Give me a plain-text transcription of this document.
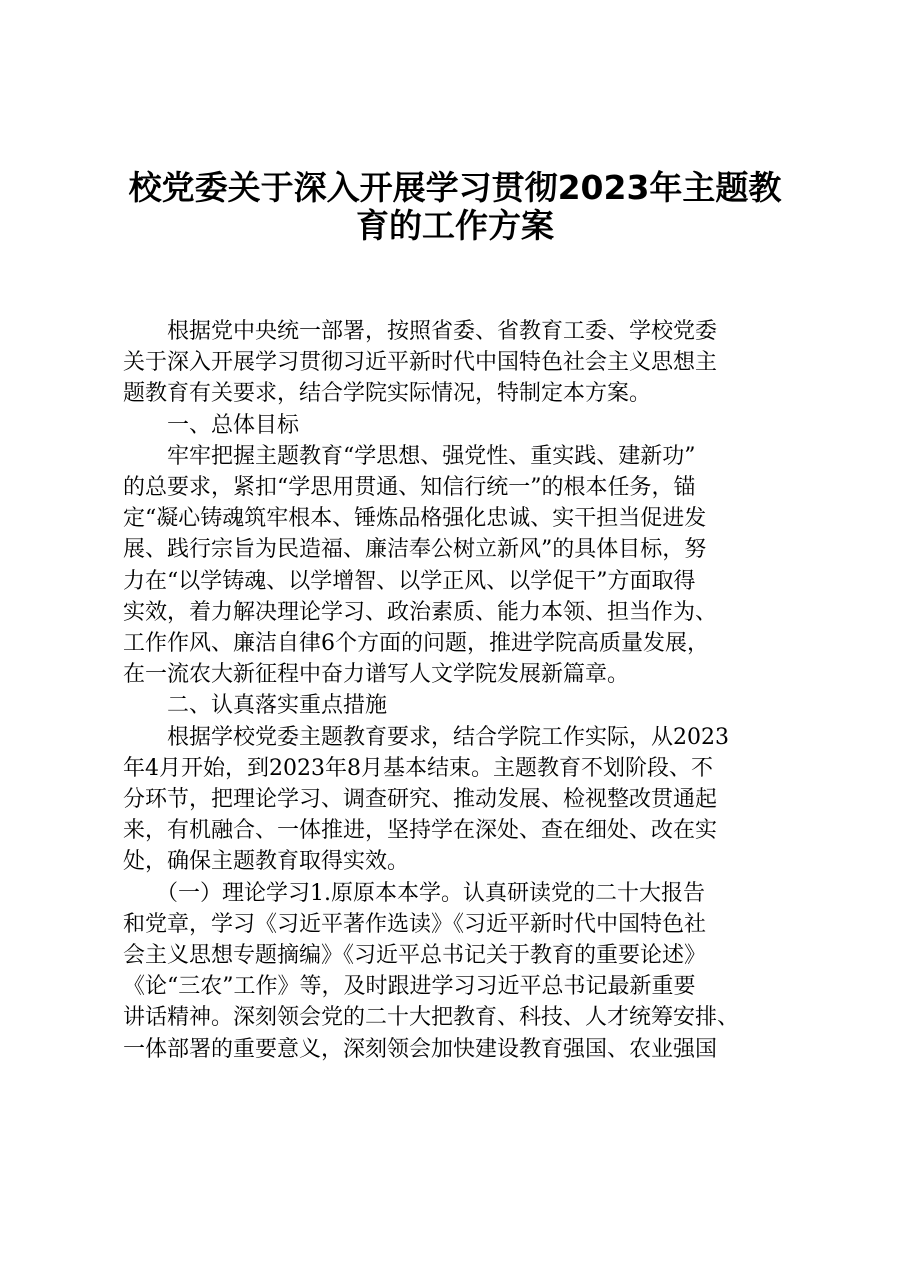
校党委关于深入开展学习贯彻2023年主题教
育的工作方案

　　根据党中央统一部署，按照省委、省教育工委、学校党委

关于深入开展学习贯彻习近平新时代中国特色社会主义思想主

题教育有关要求，结合学院实际情况，特制定本方案。

　　一、总体目标

　　牢牢把握主题教育“学思想、强党性、重实践、建新功”

的总要求，紧扣“学思用贯通、知信行统一”的根本任务，锚

定“凝心铸魂筑牢根本、锤炼品格强化忠诚、实干担当促进发

展、践行宗旨为民造福、廉洁奉公树立新风”的具体目标，努

力在“以学铸魂、以学增智、以学正风、以学促干”方面取得

实效，着力解决理论学习、政治素质、能力本领、担当作为、

工作作风、廉洁自律6个方面的问题，推进学院高质量发展，

在一流农大新征程中奋力谱写人文学院发展新篇章。

　　二、认真落实重点措施

　　根据学校党委主题教育要求，结合学院工作实际，从2023

年4月开始，到2023年8月基本结束。主题教育不划阶段、不

分环节，把理论学习、调查研究、推动发展、检视整改贯通起

来，有机融合、一体推进，坚持学在深处、查在细处、改在实

处，确保主题教育取得实效。

　　（一）理论学习1.原原本本学。认真研读党的二十大报告

和党章，学习《习近平著作选读》《习近平新时代中国特色社

会主义思想专题摘编》《习近平总书记关于教育的重要论述》

《论“三农”工作》等，及时跟进学习习近平总书记最新重要

讲话精神。深刻领会党的二十大把教育、科技、人才统筹安排、

一体部署的重要意义，深刻领会加快建设教育强国、农业强国
